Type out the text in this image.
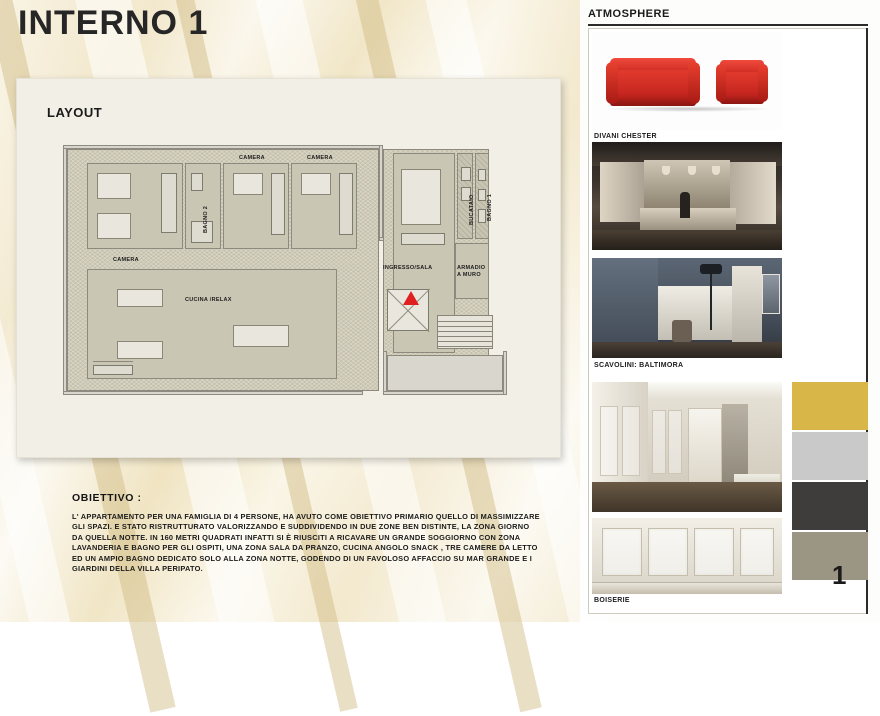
INTERNO 1
LAYOUT
CAMERA
BAGNO 2
CAMERA	CAMERA
BUCATAIO BAGNO 1
INGRESSO/SALA	ARMADIO A MURO
CUCINA /RELAX
OBIETTIVO :
L' APPARTAMENTO PER UNA FAMIGLIA DI 4 PERSONE, HA AVUTO COME OBIETTIVO PRIMARIO QUELLO DI MASSIMIZZARE GLI SPAZI. E STATO RISTRUTTURATO VALORIZZANDO E SUDDIVIDENDO IN DUE ZONE BEN DISTINTE, LA ZONA GIORNO DA QUELLA NOTTE. IN 160 METRI QUADRATI INFATTI SI È RIUSCITI A RICAVARE UN GRANDE SOGGIORNO CON ZONA LAVANDERIA E BAGNO PER GLI OSPITI, UNA ZONA SALA DA PRANZO, CUCINA ANGOLO SNACK , TRE CAMERE DA LETTO ED UN AMPIO BAGNO DEDICATO SOLO ALLA ZONA NOTTE, GODENDO DI UN FAVOLOSO AFFACCIO SU MAR GRANDE E I GIARDINI DELLA VILLA PERIPATO.
ATMOSPHERE
DIVANI CHESTER
SCAVOLINI: BALTIMORA
BOISERIE
1
